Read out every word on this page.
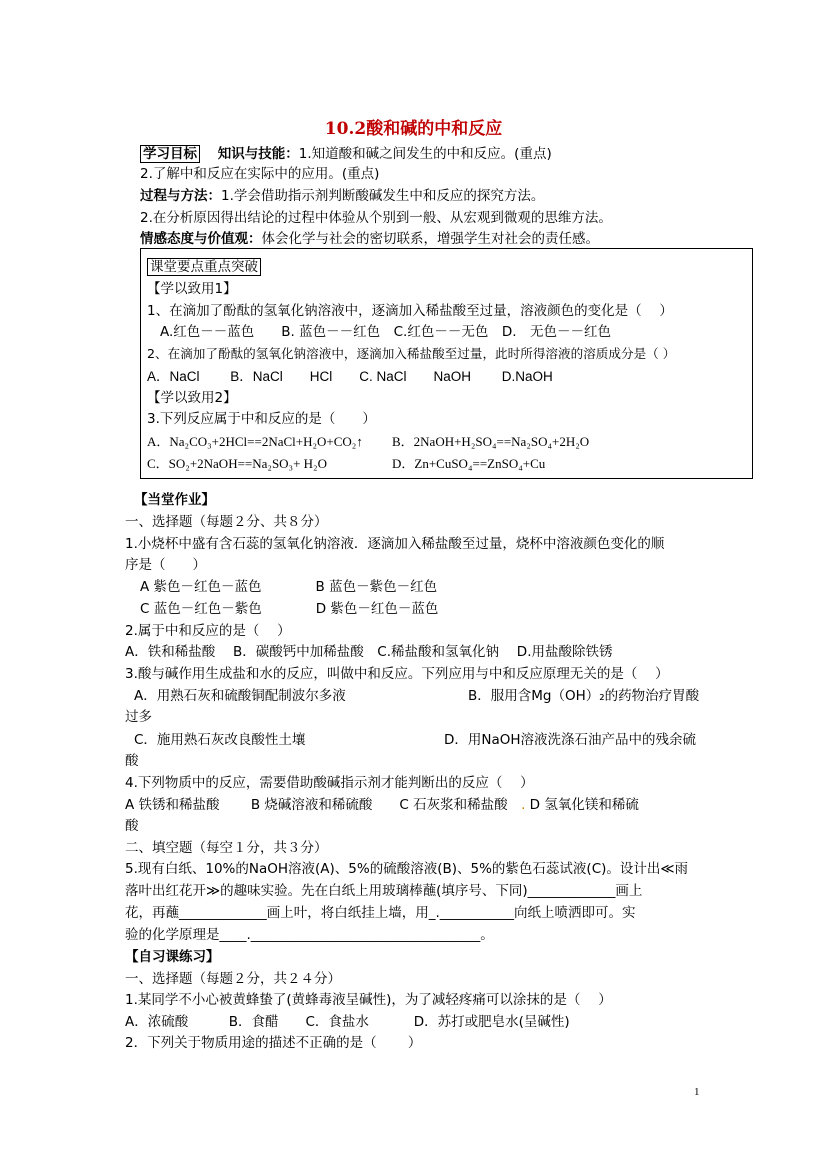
10.2酸和碱的中和反应
学习目标　 知识与技能：1.知道酸和碱之间发生的中和反应。(重点)
2.了解中和反应在实际中的应用。(重点)
过程与方法：1.学会借助指示剂判断酸碱发生中和反应的探究方法。
2.在分析原因得出结论的过程中体验从个别到一般、从宏观到微观的思维方法。
情感态度与价值观：体会化学与社会的密切联系，增强学生对社会的责任感。
课堂要点重点突破
【学以致用1】
1、在滴加了酚酞的氢氧化钠溶液中，逐滴加入稀盐酸至过量，溶液颜色的变化是（　 ）
A.红色－－蓝色　　B. 蓝色－－红色　C.红色－－无色　D.　无色－－红色
2、在滴加了酚酞的氢氧化钠溶液中，逐滴加入稀盐酸至过量，此时所得溶液的溶质成分是（ ）
A．NaCl　　 B．NaCl　　HCl　　C. NaCl　　NaOH　　 D.NaOH
【学以致用2】
3.下列反应属于中和反应的是（　　）
A．Na₂CO₃+2HCl==2NaCl+H₂O+CO₂↑ B．2NaOH+H₂SO₄==Na₂SO₄+2H₂O
C．SO₂+2NaOH==Na₂SO₃+ H₂O	D．Zn+CuSO₄==ZnSO₄+Cu
【当堂作业】
一、选择题（每题２分、共８分）
1.小烧杯中盛有含石蕊的氢氧化钠溶液．逐滴加入稀盐酸至过量，烧杯中溶液颜色变化的顺
序是（　　）
A 紫色－红色－蓝色　　　　B 蓝色－紫色－红色
C 蓝色－红色－紫色　　　　D 紫色－红色－蓝色
2.属于中和反应的是（　 ）
A．铁和稀盐酸　 B．碳酸钙中加稀盐酸　C.稀盐酸和氢氧化钠　 D.用盐酸除铁锈
3.酸与碱作用生成盐和水的反应，叫做中和反应。下列应用与中和反应原理无关的是（　 ）
A．用熟石灰和硫酸铜配制波尔多液	B．服用含Mg（OH）₂的药物治疗胃酸
过多
C．施用熟石灰改良酸性土壤	D．用NaOH溶液洗涤石油产品中的残余硫
酸
4.下列物质中的反应，需要借助酸碱指示剂才能判断出的反应（　 ）
A 铁锈和稀盐酸　　 B 烧碱溶液和稀硫酸　　C 石灰浆和稀盐酸　. D 氢氧化镁和稀硫
酸
二、填空题（每空１分，共３分）
5.现有白纸、10%的NaOH溶液(A)、5%的硫酸溶液(B)、5%的紫色石蕊试液(C)。设计出≪雨
落叶出红花开≫的趣味实验。先在白纸上用玻璃棒蘸(填序号、下同)_____________画上
花，再蘸_____________画上叶，将白纸挂上墙，用_.___________向纸上喷洒即可。实
验的化学原理是____.__________________________________。
【自习课练习】
一、选择题（每题２分，共２４分）
1.某同学不小心被黄蜂蛰了(黄蜂毒液呈碱性)，为了减轻疼痛可以涂抹的是（　 ）
A．浓硫酸　　　B．食醋　　C．食盐水　　　 D．苏打或肥皂水(呈碱性)
2．下列关于物质用途的描述不正确的是（　　 ）
1
